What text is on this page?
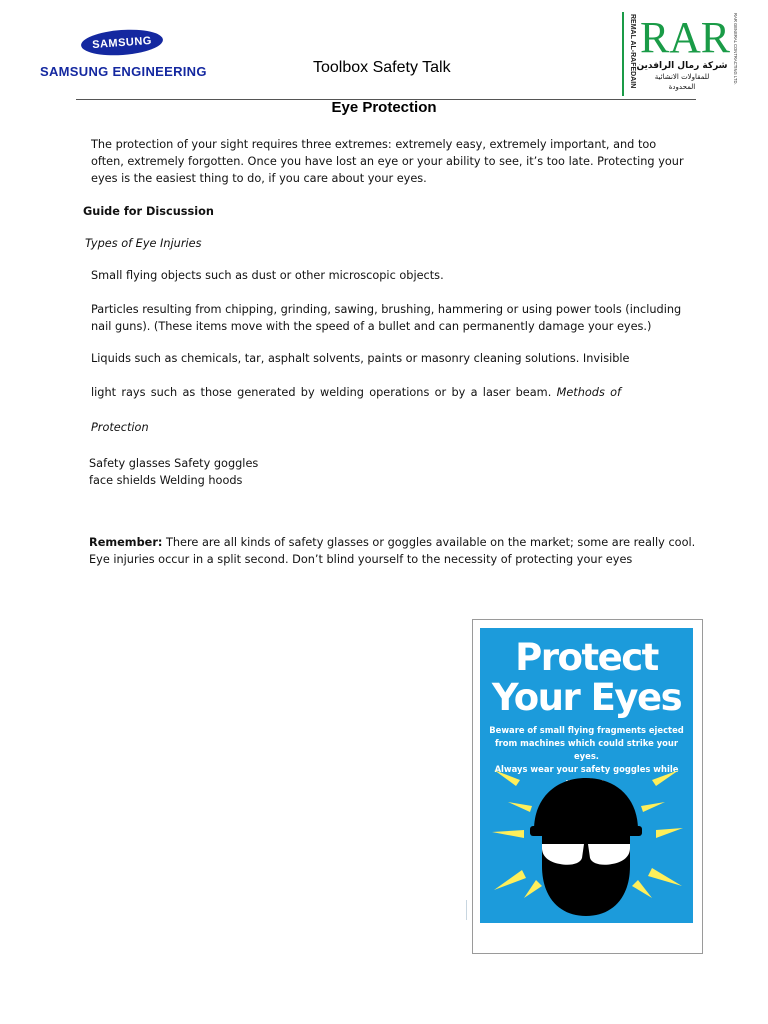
SAMSUNG
SAMSUNG ENGINEERING	Toolbox Safety Talk	REMAL AL-RAFEDAIN RAR
شركة رمال الرافدين
للمقاولات الانشائية
المحدودة
RAR GENERAL CONTRACTING LTD.
Eye Protection
The protection of your sight requires three extremes: extremely easy, extremely important, and too often, extremely forgotten. Once you have lost an eye or your ability to see, it’s too late. Protecting your eyes is the easiest thing to do, if you care about your eyes.
Guide for Discussion
Types of Eye Injuries
Small flying objects such as dust or other microscopic objects.
Particles resulting from chipping, grinding, sawing, brushing, hammering or using power tools (including nail guns). (These items move with the speed of a bullet and can permanently damage your eyes.)
Liquids such as chemicals, tar, asphalt solvents, paints or masonry cleaning solutions. Invisible
light rays such as those generated by welding operations or by a laser beam. Methods of
Protection
Safety glasses Safety goggles
face shields Welding hoods
Remember: There are all kinds of safety glasses or goggles available on the market; some are really cool. Eye injuries occur in a split second. Don’t blind yourself to the necessity of protecting your eyes
Protect
Your Eyes
Beware of small flying fragments ejected
from machines which could strike your eyes.
Always wear your safety goggles while
